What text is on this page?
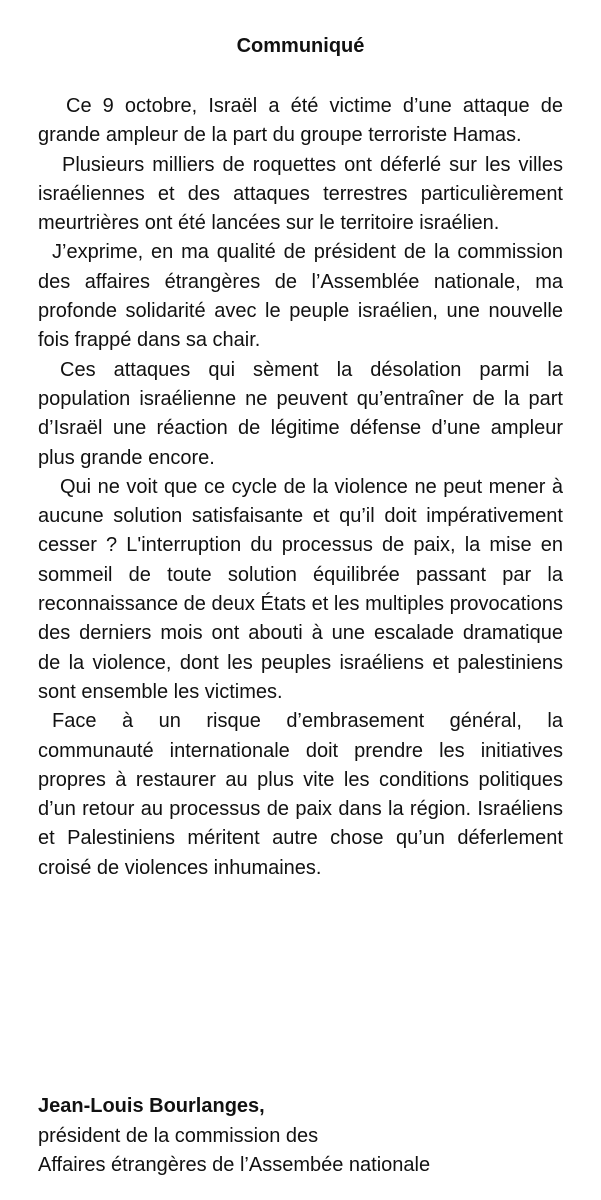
Communiqué

Ce 9 octobre, Israël a été victime d’une attaque de grande ampleur de la part du groupe terroriste Hamas.

Plusieurs milliers de roquettes ont déferlé sur les villes israéliennes et des attaques terrestres particulièrement meurtrières ont été lancées sur le territoire israélien.

J’exprime, en ma qualité de président de la commission des affaires étrangères de l’Assemblée nationale, ma profonde solidarité avec le peuple israélien, une nouvelle fois frappé dans sa chair.

Ces attaques qui sèment la désolation parmi la population israélienne ne peuvent qu’entraîner de la part d’Israël une réaction de légitime défense d’une ampleur plus grande encore.

Qui ne voit que ce cycle de la violence ne peut mener à aucune solution satisfaisante et qu’il doit impérativement cesser ? L'interruption du processus de paix, la mise en sommeil de toute solution équilibrée passant par la reconnaissance de deux États et les multiples provocations des derniers mois ont abouti à une escalade dramatique de la violence, dont les peuples israéliens et palestiniens sont ensemble les victimes.

Face à un risque d’embrasement général, la communauté internationale doit prendre les initiatives propres à restaurer au plus vite les conditions politiques d’un retour au processus de paix dans la région. Israéliens et Palestiniens méritent autre chose qu’un déferlement croisé de violences inhumaines.

Jean-Louis Bourlanges,
président de la commission des
Affaires étrangères de l’Assembée nationale
